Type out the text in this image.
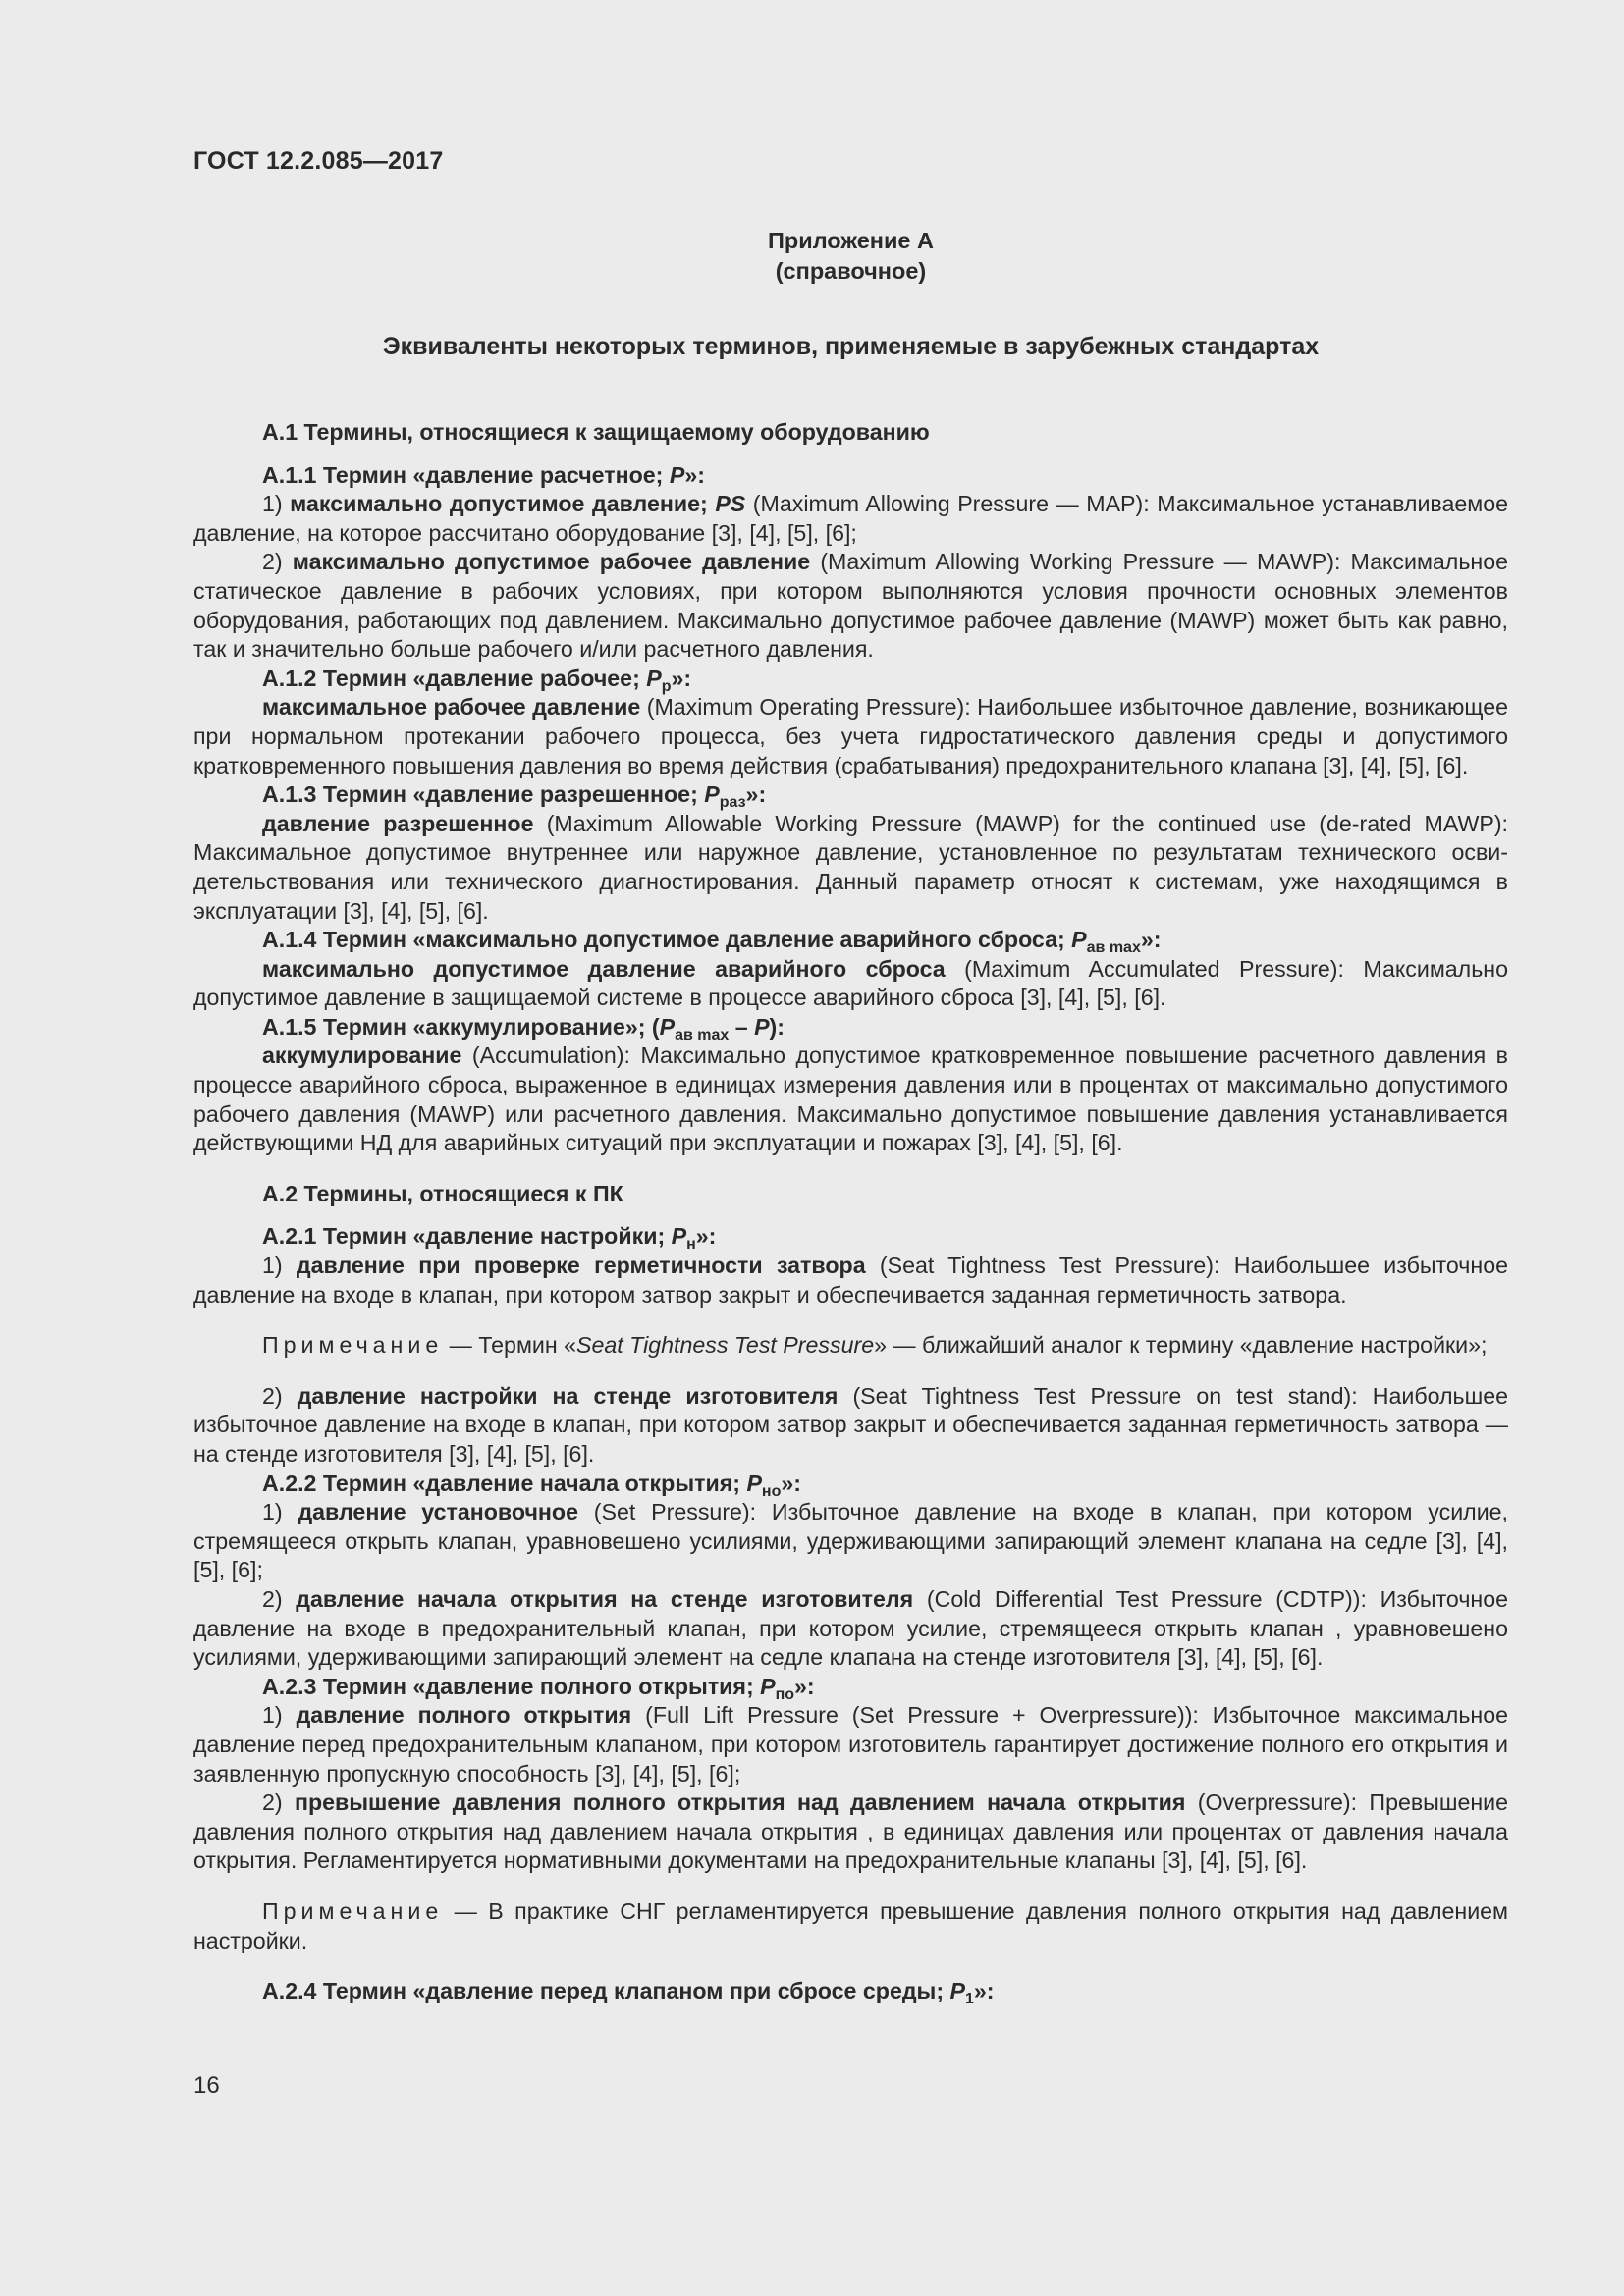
ГОСТ 12.2.085—2017
Приложение А
(справочное)
Эквиваленты некоторых терминов, применяемые в зарубежных стандартах

А.1 Термины, относящиеся к защищаемому оборудованию

А.1.1 Термин «давление расчетное; P»:

1) максимально допустимое давление; PS (Maximum Allowing Pressure — MAP): Максимальное устанавливаемое давление, на которое рассчитано оборудование [3], [4], [5], [6];

2) максимально допустимое рабочее давление (Maximum Allowing Working Pressure — MAWP): Максимальное статическое давление в рабочих условиях, при котором выполняются условия прочности основных элементов оборудования, работающих под давлением. Максимально допустимое рабочее давление (MAWP) может быть как равно, так и значительно больше рабочего и/или расчетного давления.

А.1.2 Термин «давление рабочее; $P_р$»:

максимальное рабочее давление (Maximum Operating Pressure): Наибольшее избыточное давление, возникающее при нормальном протекании рабочего процесса, без учета гидростатического давления среды и допустимого кратковременного повышения давления во время действия (срабатывания) предохранительного клапана [3], [4], [5], [6].

А.1.3 Термин «давление разрешенное; $P_{раз}$»:

давление разрешенное (Maximum Allowable Working Pressure (MAWP) for the continued use (de-rated MAWP): Максимальное допустимое внутреннее или наружное давление, установленное по результатам технического освидетельствования или технического диагностирования. Данный параметр относят к системам, уже находящимся в эксплуатации [3], [4], [5], [6].

А.1.4 Термин «максимально допустимое давление аварийного сброса; $P_{ав max}$»:

максимально допустимое давление аварийного сброса (Maximum Accumulated Pressure): Максимально допустимое давление в защищаемой системе в процессе аварийного сброса [3], [4], [5], [6].

А.1.5 Термин «аккумулирование»; $(P_{ав max} - P)$:

аккумулирование (Accumulation): Максимально допустимое кратковременное повышение расчетного давления в процессе аварийного сброса, выраженное в единицах измерения давления или в процентах от максимально допустимого рабочего давления (MAWP) или расчетного давления. Максимально допустимое повышение давления устанавливается действующими НД для аварийных ситуаций при эксплуатации и пожарах [3], [4], [5], [6].

А.2 Термины, относящиеся к ПК

А.2.1 Термин «давление настройки; $P_н$»:

1) давление при проверке герметичности затвора (Seat Tightness Test Pressure): Наибольшее избыточное давление на входе в клапан, при котором затвор закрыт и обеспечивается заданная герметичность затвора.

Примечание — Термин «Seat Tightness Test Pressure» — ближайший аналог к термину «давление настройки»;

2) давление настройки на стенде изготовителя (Seat Tightness Test Pressure on test stand): Наибольшее избыточное давление на входе в клапан, при котором затвор закрыт и обеспечивается заданная герметичность затвора — на стенде изготовителя [3], [4], [5], [6].

А.2.2 Термин «давление начала открытия; $P_{но}$»:

1) давление установочное (Set Pressure): Избыточное давление на входе в клапан, при котором усилие, стремящееся открыть клапан, уравновешено усилиями, удерживающими запирающий элемент клапана на седле [3], [4], [5], [6];

2) давление начала открытия на стенде изготовителя (Cold Differential Test Pressure (CDTP)): Избыточное давление на входе в предохранительный клапан, при котором усилие, стремящееся открыть клапан , уравновешено усилиями, удерживающими запирающий элемент на седле клапана на стенде изготовителя [3], [4], [5], [6].

А.2.3 Термин «давление полного открытия; $P_{по}$»:

1) давление полного открытия (Full Lift Pressure (Set Pressure + Overpressure)): Избыточное максимальное давление перед предохранительным клапаном, при котором изготовитель гарантирует достижение полного его открытия и заявленную пропускную способность [3], [4], [5], [6];

2) превышение давления полного открытия над давлением начала открытия (Overpressure): Превышение давления полного открытия над давлением начала открытия , в единицах давления или процентах от давления начала открытия. Регламентируется нормативными документами на предохранительные клапаны [3], [4], [5], [6].

Примечание — В практике СНГ регламентируется превышение давления полного открытия над давлением настройки.

А.2.4 Термин «давление перед клапаном при сбросе среды; $P_1$»:

16
